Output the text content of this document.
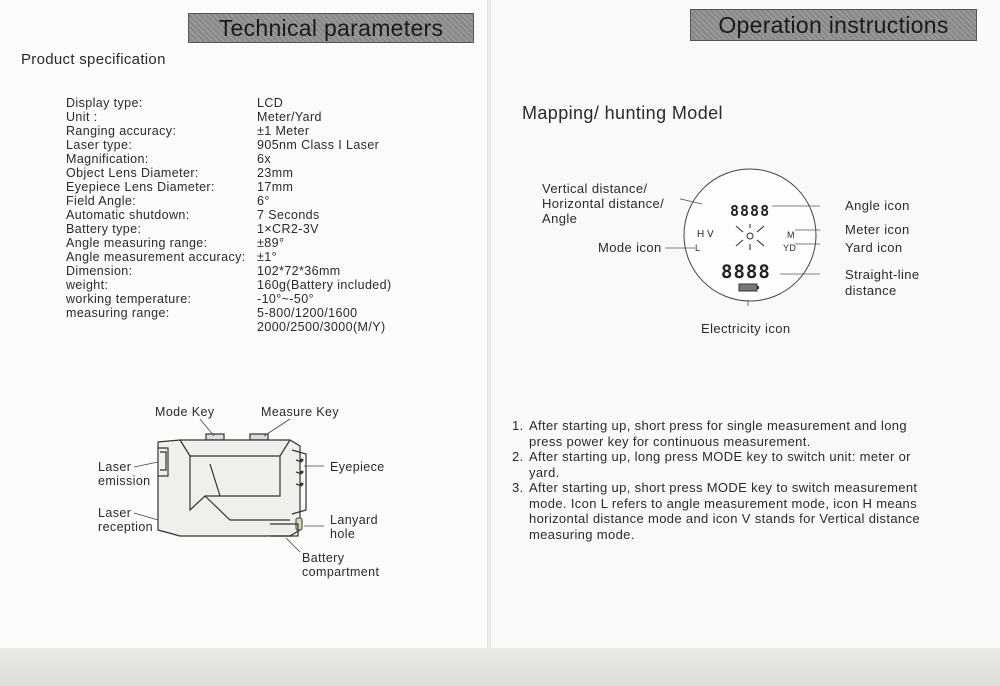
Technical parameters
Product specification
Display type:	LCD
Unit :	Meter/Yard
Ranging accuracy:	±1 Meter
Laser type:	905nm Class I Laser
Magnification:	6x
Object Lens Diameter:	23mm
Eyepiece Lens Diameter:	17mm
Field Angle:	6°
Automatic shutdown:	7 Seconds
Battery type:	1×CR2-3V
Angle measuring range:	±89°
Angle measurement accuracy: ±1°
Dimension:	102*72*36mm
weight:	160g(Battery included)
working temperature:	-10°~-50°
measuring range:	5-800/1200/1600
2000/2500/3000(M/Y)
Mode Key	Measure Key
Laser
emission
Laser
reception
Eyepiece
Lanyard
hole
Battery
compartment
Operation instructions
Mapping/ hunting Model
8888
8888
H V
L
M
YD
Vertical distance/
Horizontal distance/
Angle
Mode icon
Angle icon
Meter icon
Yard icon
Straight-line
distance
Electricity icon
1. After starting up, short press for single measurement and long
press power key for continuous measurement.
2. After starting up, long press MODE key to switch unit: meter or
yard.
3. After starting up, short press MODE key to switch measurement
mode. Icon L refers to angle measurement mode, icon H means
horizontal distance mode and icon V stands for Vertical distance
measuring mode.
